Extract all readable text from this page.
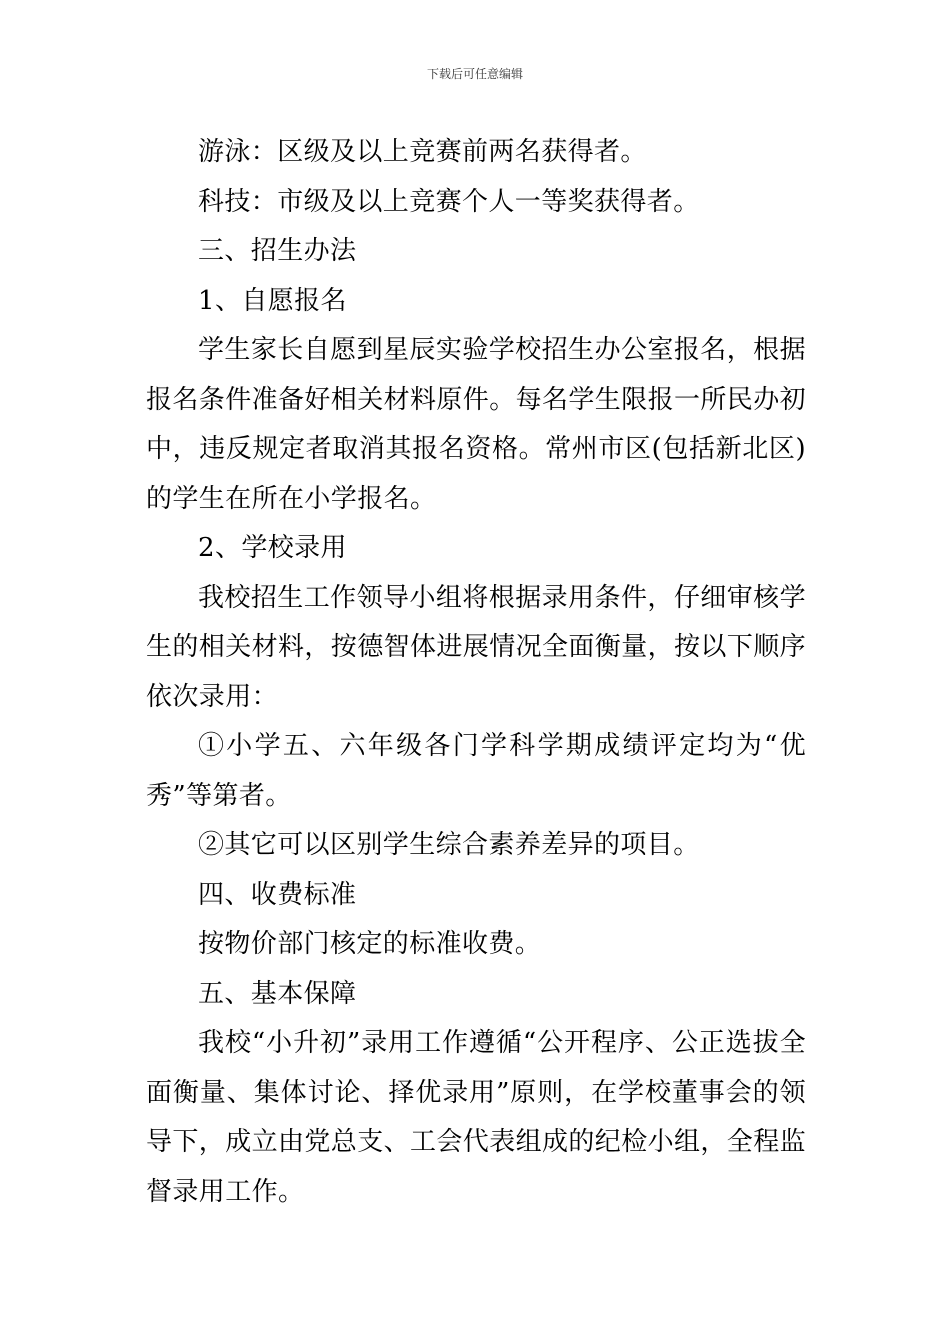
下载后可任意编辑

游泳：区级及以上竞赛前两名获得者。

科技：市级及以上竞赛个人一等奖获得者。

三、招生办法

1、自愿报名

学生家长自愿到星辰实验学校招生办公室报名，根据报名条件准备好相关材料原件。每名学生限报一所民办初中，违反规定者取消其报名资格。常州市区(包括新北区)的学生在所在小学报名。

2、学校录用

我校招生工作领导小组将根据录用条件，仔细审核学生的相关材料，按德智体进展情况全面衡量，按以下顺序依次录用：

①小学五、六年级各门学科学期成绩评定均为“优秀”等第者。

②其它可以区别学生综合素养差异的项目。

四、收费标准

按物价部门核定的标准收费。

五、基本保障

我校“小升初”录用工作遵循“公开程序、公正选拔全面衡量、集体讨论、择优录用”原则，在学校董事会的领导下，成立由党总支、工会代表组成的纪检小组，全程监督录用工作。
